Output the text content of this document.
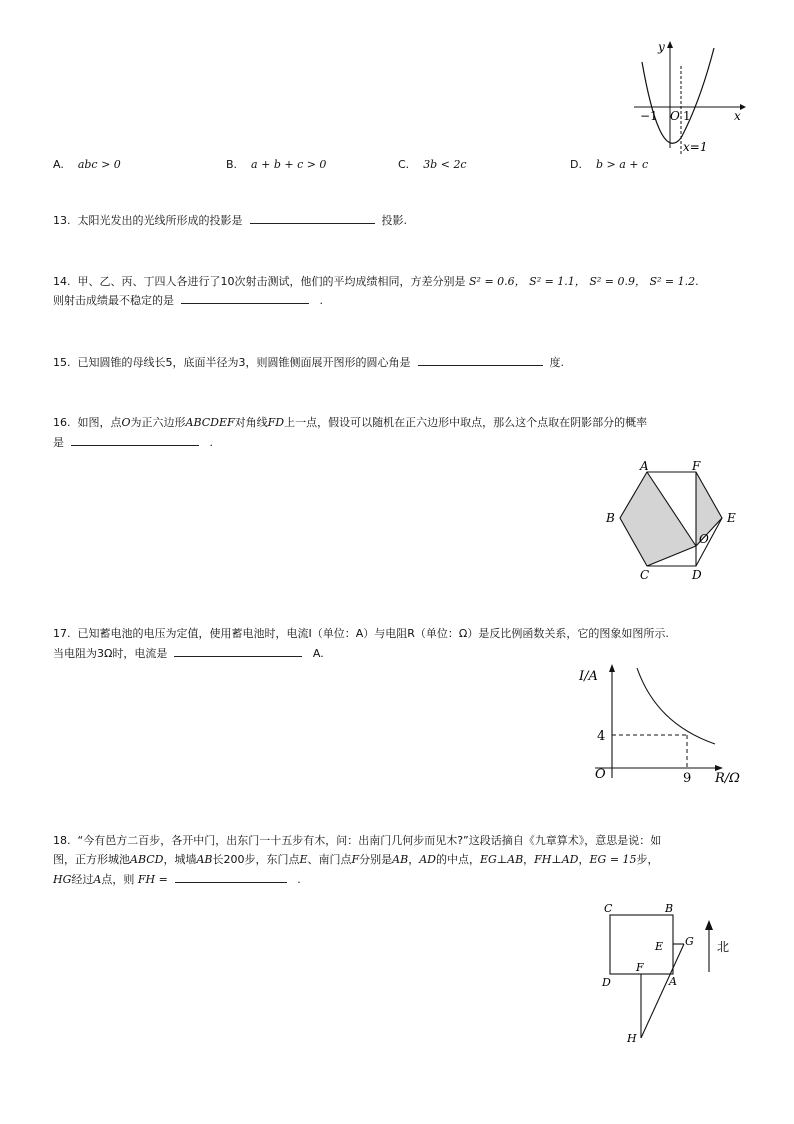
y
x
O 1
−1
x=1
A. abc > 0	B. a + b + c > 0	C. 3b < 2c	D. b > a + c
13. 太阳光发出的光线所形成的投影是	投影.
14. 甲、乙、丙、丁四人各进行了10次射击测试，他们的平均成绩相同，方差分别是 S² = 0.6， S² = 1.1， S² = 0.9， S² = 1.2.
则射击成绩最不稳定的是	.
15. 已知圆锥的母线长5，底面半径为3，则圆锥侧面展开图形的圆心角是	度.
16. 如图，点O为正六边形ABCDEF对角线FD上一点，假设可以随机在正六边形中取点，那么这个点取在阴影部分的概率
是	.
A	F
B	E
C	D
O
17. 已知蓄电池的电压为定值，使用蓄电池时，电流I（单位：A）与电阻R（单位：Ω）是反比例函数关系，它的图象如图所示.
当电阻为3Ω时，电流是	A.
I/A
R/Ω
O
4
9
18. “今有邑方二百步，各开中门，出东门一十五步有木，问：出南门几何步而见木?”这段话摘自《九章算术》，意思是说：如
图，正方形城池ABCD，城墙AB长200步，东门点E、南门点F分别是AB，AD的中点，EG⊥AB，FH⊥AD，EG = 15步，
HG经过A点，则 FH =	.
C	B
E G
F
D	A
H
北
